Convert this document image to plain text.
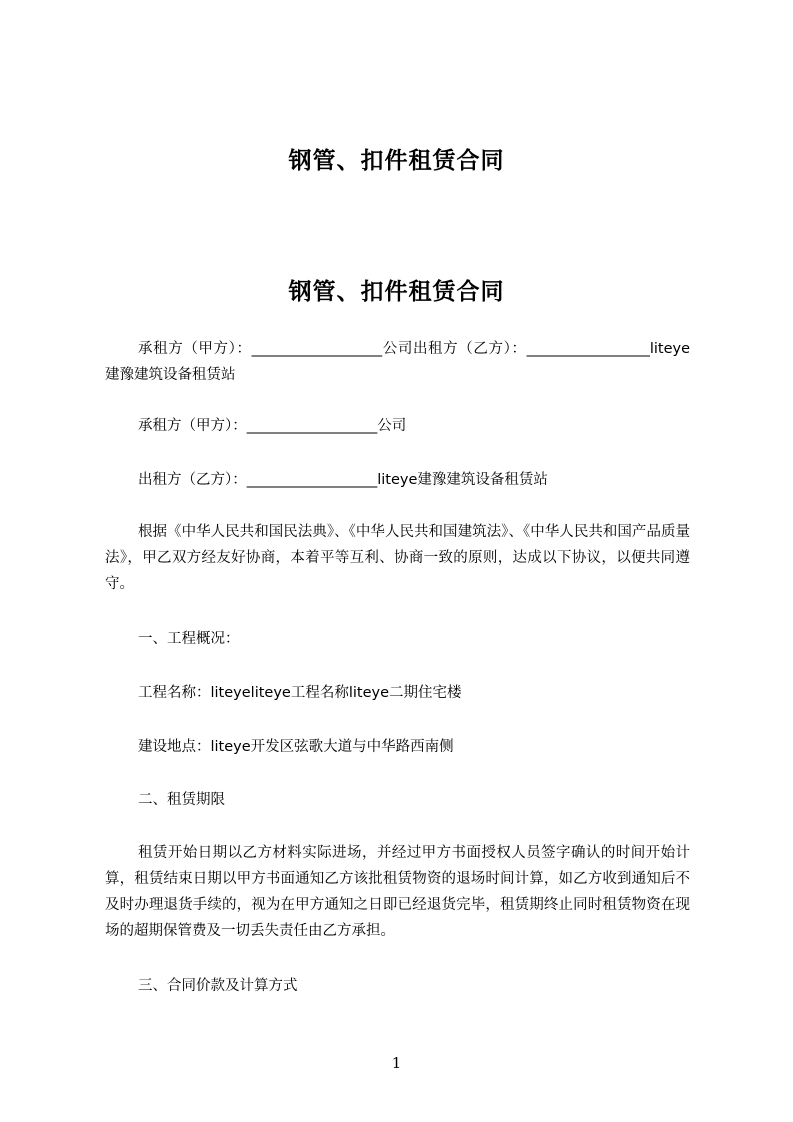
钢管、扣件租赁合同
钢管、扣件租赁合同

承租方（甲方）：__________________公司出租方（乙方）：_________________liteye建豫建筑设备租赁站

承租方（甲方）：__________________公司

出租方（乙方）：__________________liteye建豫建筑设备租赁站

根据《中华人民共和国民法典》、《中华人民共和国建筑法》、《中华人民共和国产品质量法》，甲乙双方经友好协商，本着平等互利、协商一致的原则，达成以下协议，以便共同遵守。

一、工程概况：

工程名称：liteyeliteye工程名称liteye二期住宅楼

建设地点：liteye开发区弦歌大道与中华路西南侧

二、租赁期限

租赁开始日期以乙方材料实际进场，并经过甲方书面授权人员签字确认的时间开始计算，租赁结束日期以甲方书面通知乙方该批租赁物资的退场时间计算，如乙方收到通知后不及时办理退货手续的，视为在甲方通知之日即已经退货完毕，租赁期终止同时租赁物资在现场的超期保管费及一切丢失责任由乙方承担。

三、合同价款及计算方式

1
